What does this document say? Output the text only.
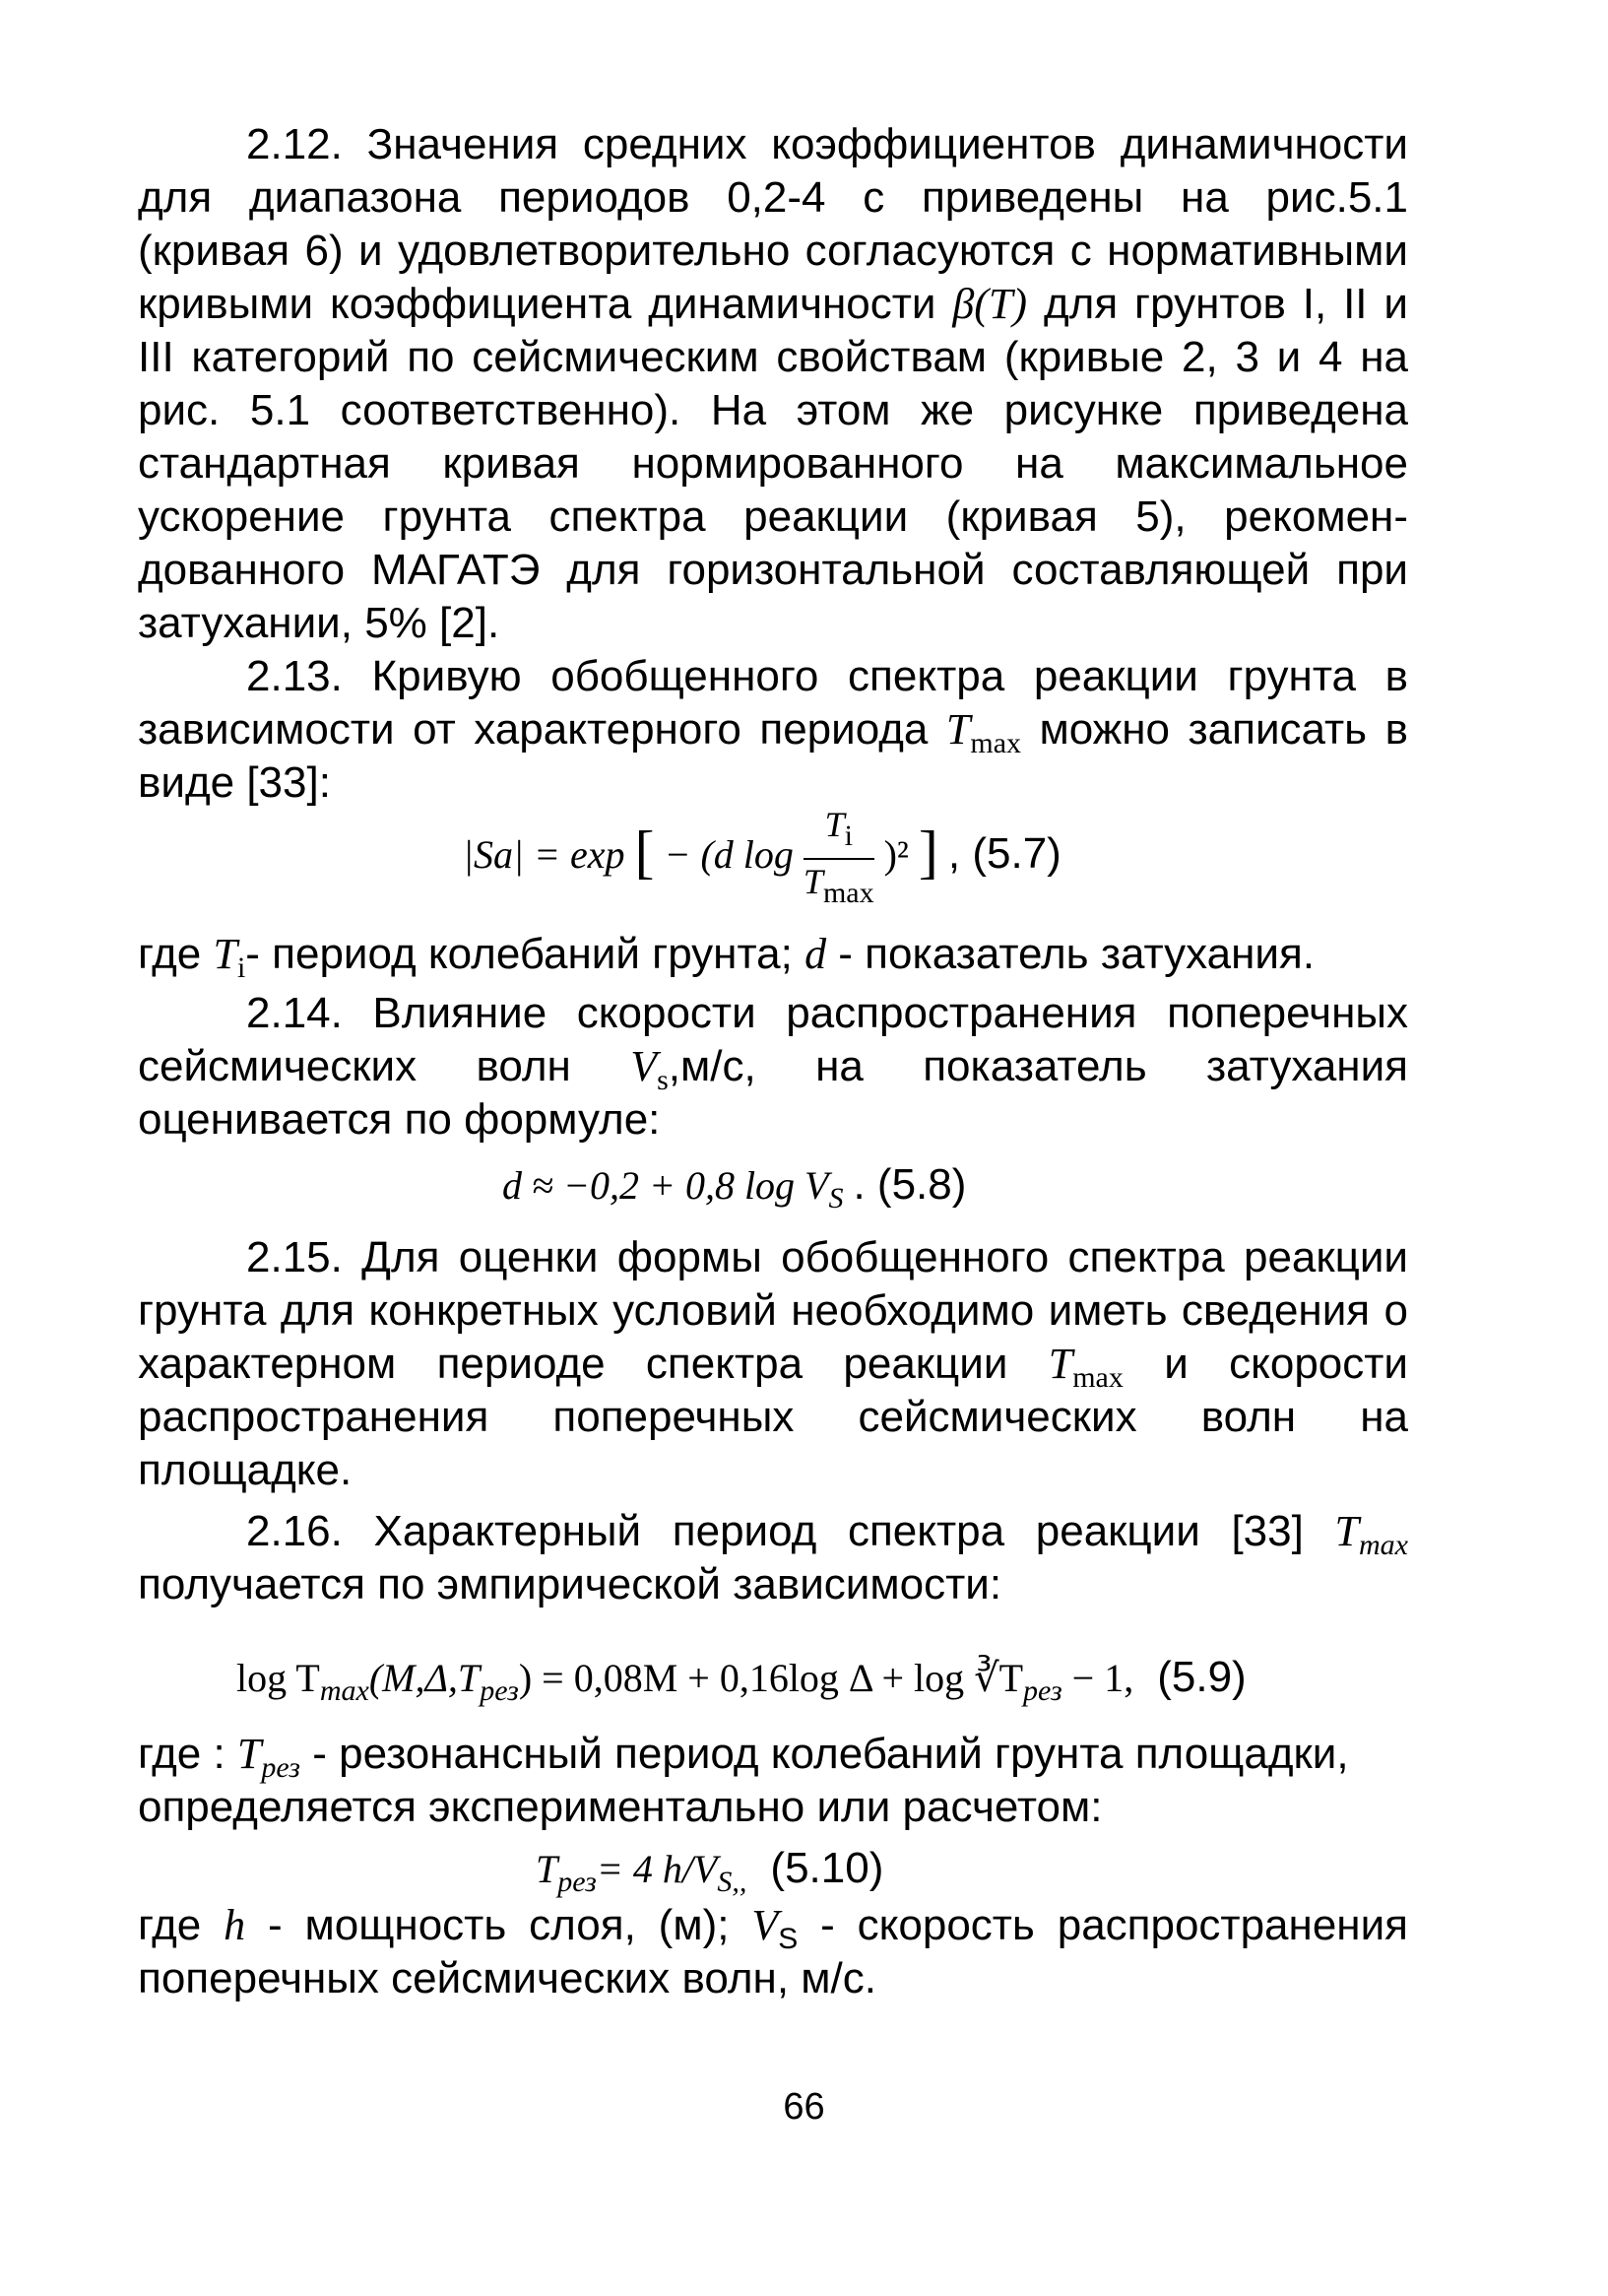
2.12. Значения средних коэффициентов динамичности
для диапазона периодов 0,2-4 с приведены на рис.5.1
(кривая 6) и удовлетворительно согласуются с нормативными
кривыми коэффициента динамичности β(T) для грунтов I, II и
III категорий по сейсмическим свойствам (кривые 2, 3 и 4 на
рис. 5.1 соответственно). На этом же рисунке приведена
стандартная кривая нормированного на максимальное
ускорение грунта спектра реакции (кривая 5), рекомен-
дованного МАГАТЭ для горизонтальной составляющей при
затухании, 5% [2].
2.13. Кривую обобщенного спектра реакции грунта в
зависимости от характерного периода $T_{max}$ можно записать в
виде [33]:
|Sa| = exp [ − (d $\log \frac{T_i}{T_{max}} )^2$ ] , (5.7)
где $T_i-$ период колебаний грунта; d - показатель затухания.
2.14. Влияние скорости распространения поперечных
сейсмических волн $V_s,м/с$, на показатель затухания
оценивается по формуле:
d ≈ −0,2 + 0,8 $\log V_S$ . (5.8)
2.15. Для оценки формы обобщенного спектра реакции
грунта для конкретных условий необходимо иметь сведения о
характерном периоде спектра реакции $T_{max}$ и скорости
распространения поперечных сейсмических волн на
площадке.
2.16. Характерный период спектра реакции [33] $T_{max}$
получается по эмпирической зависимости:
$\log T_{max}(M,\Delta,T_{рез}) = 0,08M + 0,16\log$ $\Delta + \log ∛T_{рез} - 1$, (5.9)
где : $T_{рез}$ - резонансный период колебаний грунта площадки,
определяется экспериментально или расчетом:
$T_{рез}= 4$ $h/V_{S,,}$ (5.10)
где h - мощность слоя, (м); $V_S$ - скорость распространения
поперечных сейсмических волн, м/с.
66
